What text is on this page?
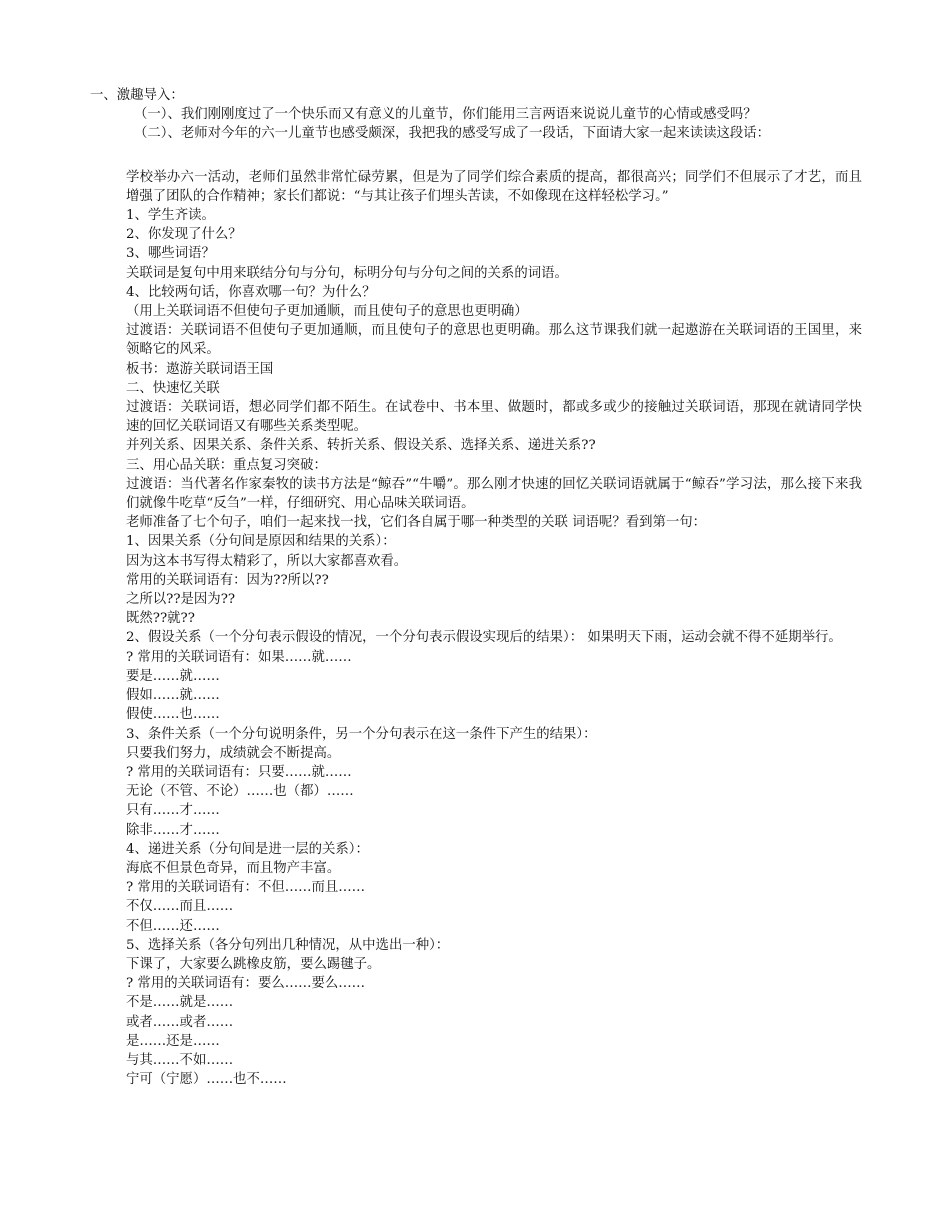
一、激趣导入：
（一）、我们刚刚度过了一个快乐而又有意义的儿童节，你们能用三言两语来说说儿童节的心情或感受吗？
（二）、老师对今年的六一儿童节也感受颇深，我把我的感受写成了一段话，下面请大家一起来读读这段话：
学校举办六一活动，老师们虽然非常忙碌劳累，但是为了同学们综合素质的提高，都很高兴；同学们不但展示了才艺，而且增强了团队的合作精神；家长们都说：“与其让孩子们埋头苦读，不如像现在这样轻松学习。”
1、学生齐读。
2、你发现了什么？
3、哪些词语？
关联词是复句中用来联结分句与分句，标明分句与分句之间的关系的词语。
4、比较两句话，你喜欢哪一句？为什么？
（用上关联词语不但使句子更加通顺，而且使句子的意思也更明确）
过渡语：关联词语不但使句子更加通顺，而且使句子的意思也更明确。那么这节课我们就一起遨游在关联词语的王国里，来领略它的风采。
板书：遨游关联词语王国
二、快速忆关联
过渡语：关联词语，想必同学们都不陌生。在试卷中、书本里、做题时，都或多或少的接触过关联词语，那现在就请同学快速的回忆关联词语又有哪些关系类型呢。
并列关系、因果关系、条件关系、转折关系、假设关系、选择关系、递进关系??
三、用心品关联：重点复习突破：
过渡语：当代著名作家秦牧的读书方法是“鲸吞”“牛嚼”。那么刚才快速的回忆关联词语就属于“鲸吞”学习法，那么接下来我们就像牛吃草“反刍”一样，仔细研究、用心品味关联词语。
老师准备了七个句子，咱们一起来找一找，它们各自属于哪一种类型的关联 词语呢？看到第一句：
1、因果关系（分句间是原因和结果的关系）：
因为这本书写得太精彩了，所以大家都喜欢看。
常用的关联词语有：因为??所以??
之所以??是因为??
既然??就??
2、假设关系（一个分句表示假设的情况，一个分句表示假设实现后的结果）： 如果明天下雨，运动会就不得不延期举行。
? 常用的关联词语有：如果……就……
要是……就……
假如……就……
假使……也……
3、条件关系（一个分句说明条件，另一个分句表示在这一条件下产生的结果）：
只要我们努力，成绩就会不断提高。
? 常用的关联词语有：只要……就……
无论（不管、不论）……也（都）……
只有……才……
除非……才……
4、递进关系（分句间是进一层的关系）：
海底不但景色奇异，而且物产丰富。
? 常用的关联词语有：不但……而且……
不仅……而且……
不但……还……
5、选择关系（各分句列出几种情况，从中选出一种）：
下课了，大家要么跳橡皮筋，要么踢毽子。
? 常用的关联词语有：要么……要么……
不是……就是……
或者……或者……
是……还是……
与其……不如……
宁可（宁愿）……也不……
